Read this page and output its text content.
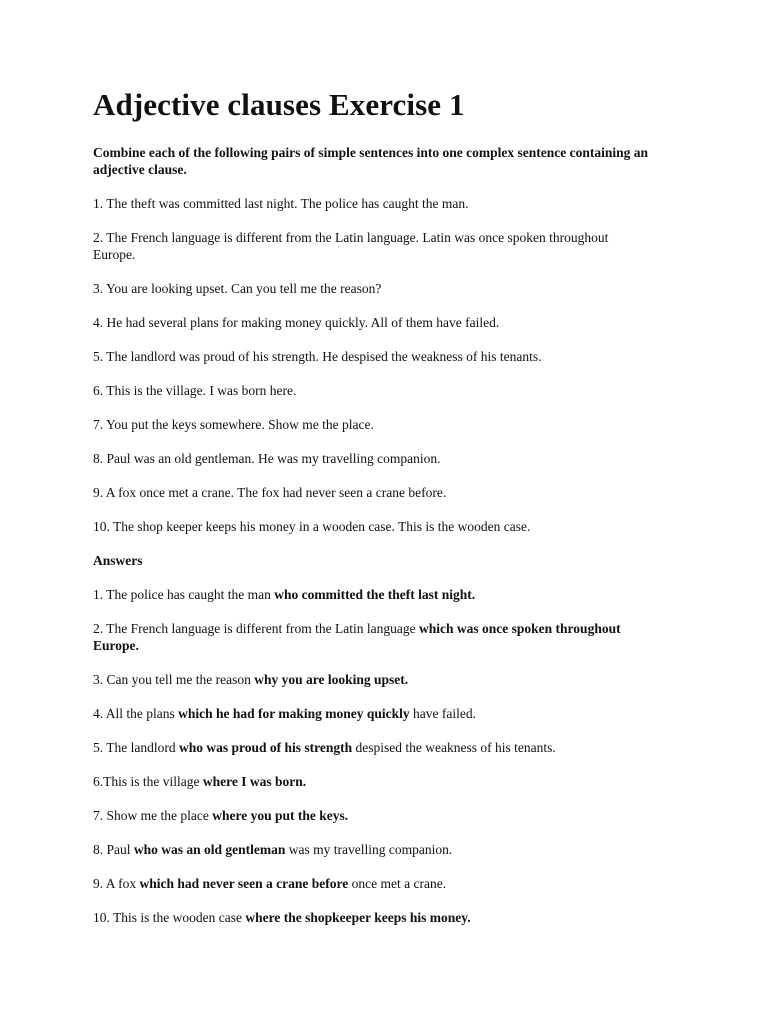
Adjective clauses Exercise 1

Combine each of the following pairs of simple sentences into one complex sentence containing an adjective clause.

1. The theft was committed last night. The police has caught the man.

2. The French language is different from the Latin language. Latin was once spoken throughout Europe.

3. You are looking upset. Can you tell me the reason?

4. He had several plans for making money quickly. All of them have failed.

5. The landlord was proud of his strength. He despised the weakness of his tenants.

6. This is the village. I was born here.

7. You put the keys somewhere. Show me the place.

8. Paul was an old gentleman. He was my travelling companion.

9. A fox once met a crane. The fox had never seen a crane before.

10. The shop keeper keeps his money in a wooden case. This is the wooden case.

Answers

1. The police has caught the man who committed the theft last night.

2. The French language is different from the Latin language which was once spoken throughout Europe.

3. Can you tell me the reason why you are looking upset.

4. All the plans which he had for making money quickly have failed.

5. The landlord who was proud of his strength despised the weakness of his tenants.

6.This is the village where I was born.

7. Show me the place where you put the keys.

8. Paul who was an old gentleman was my travelling companion.

9. A fox which had never seen a crane before once met a crane.

10. This is the wooden case where the shopkeeper keeps his money.
